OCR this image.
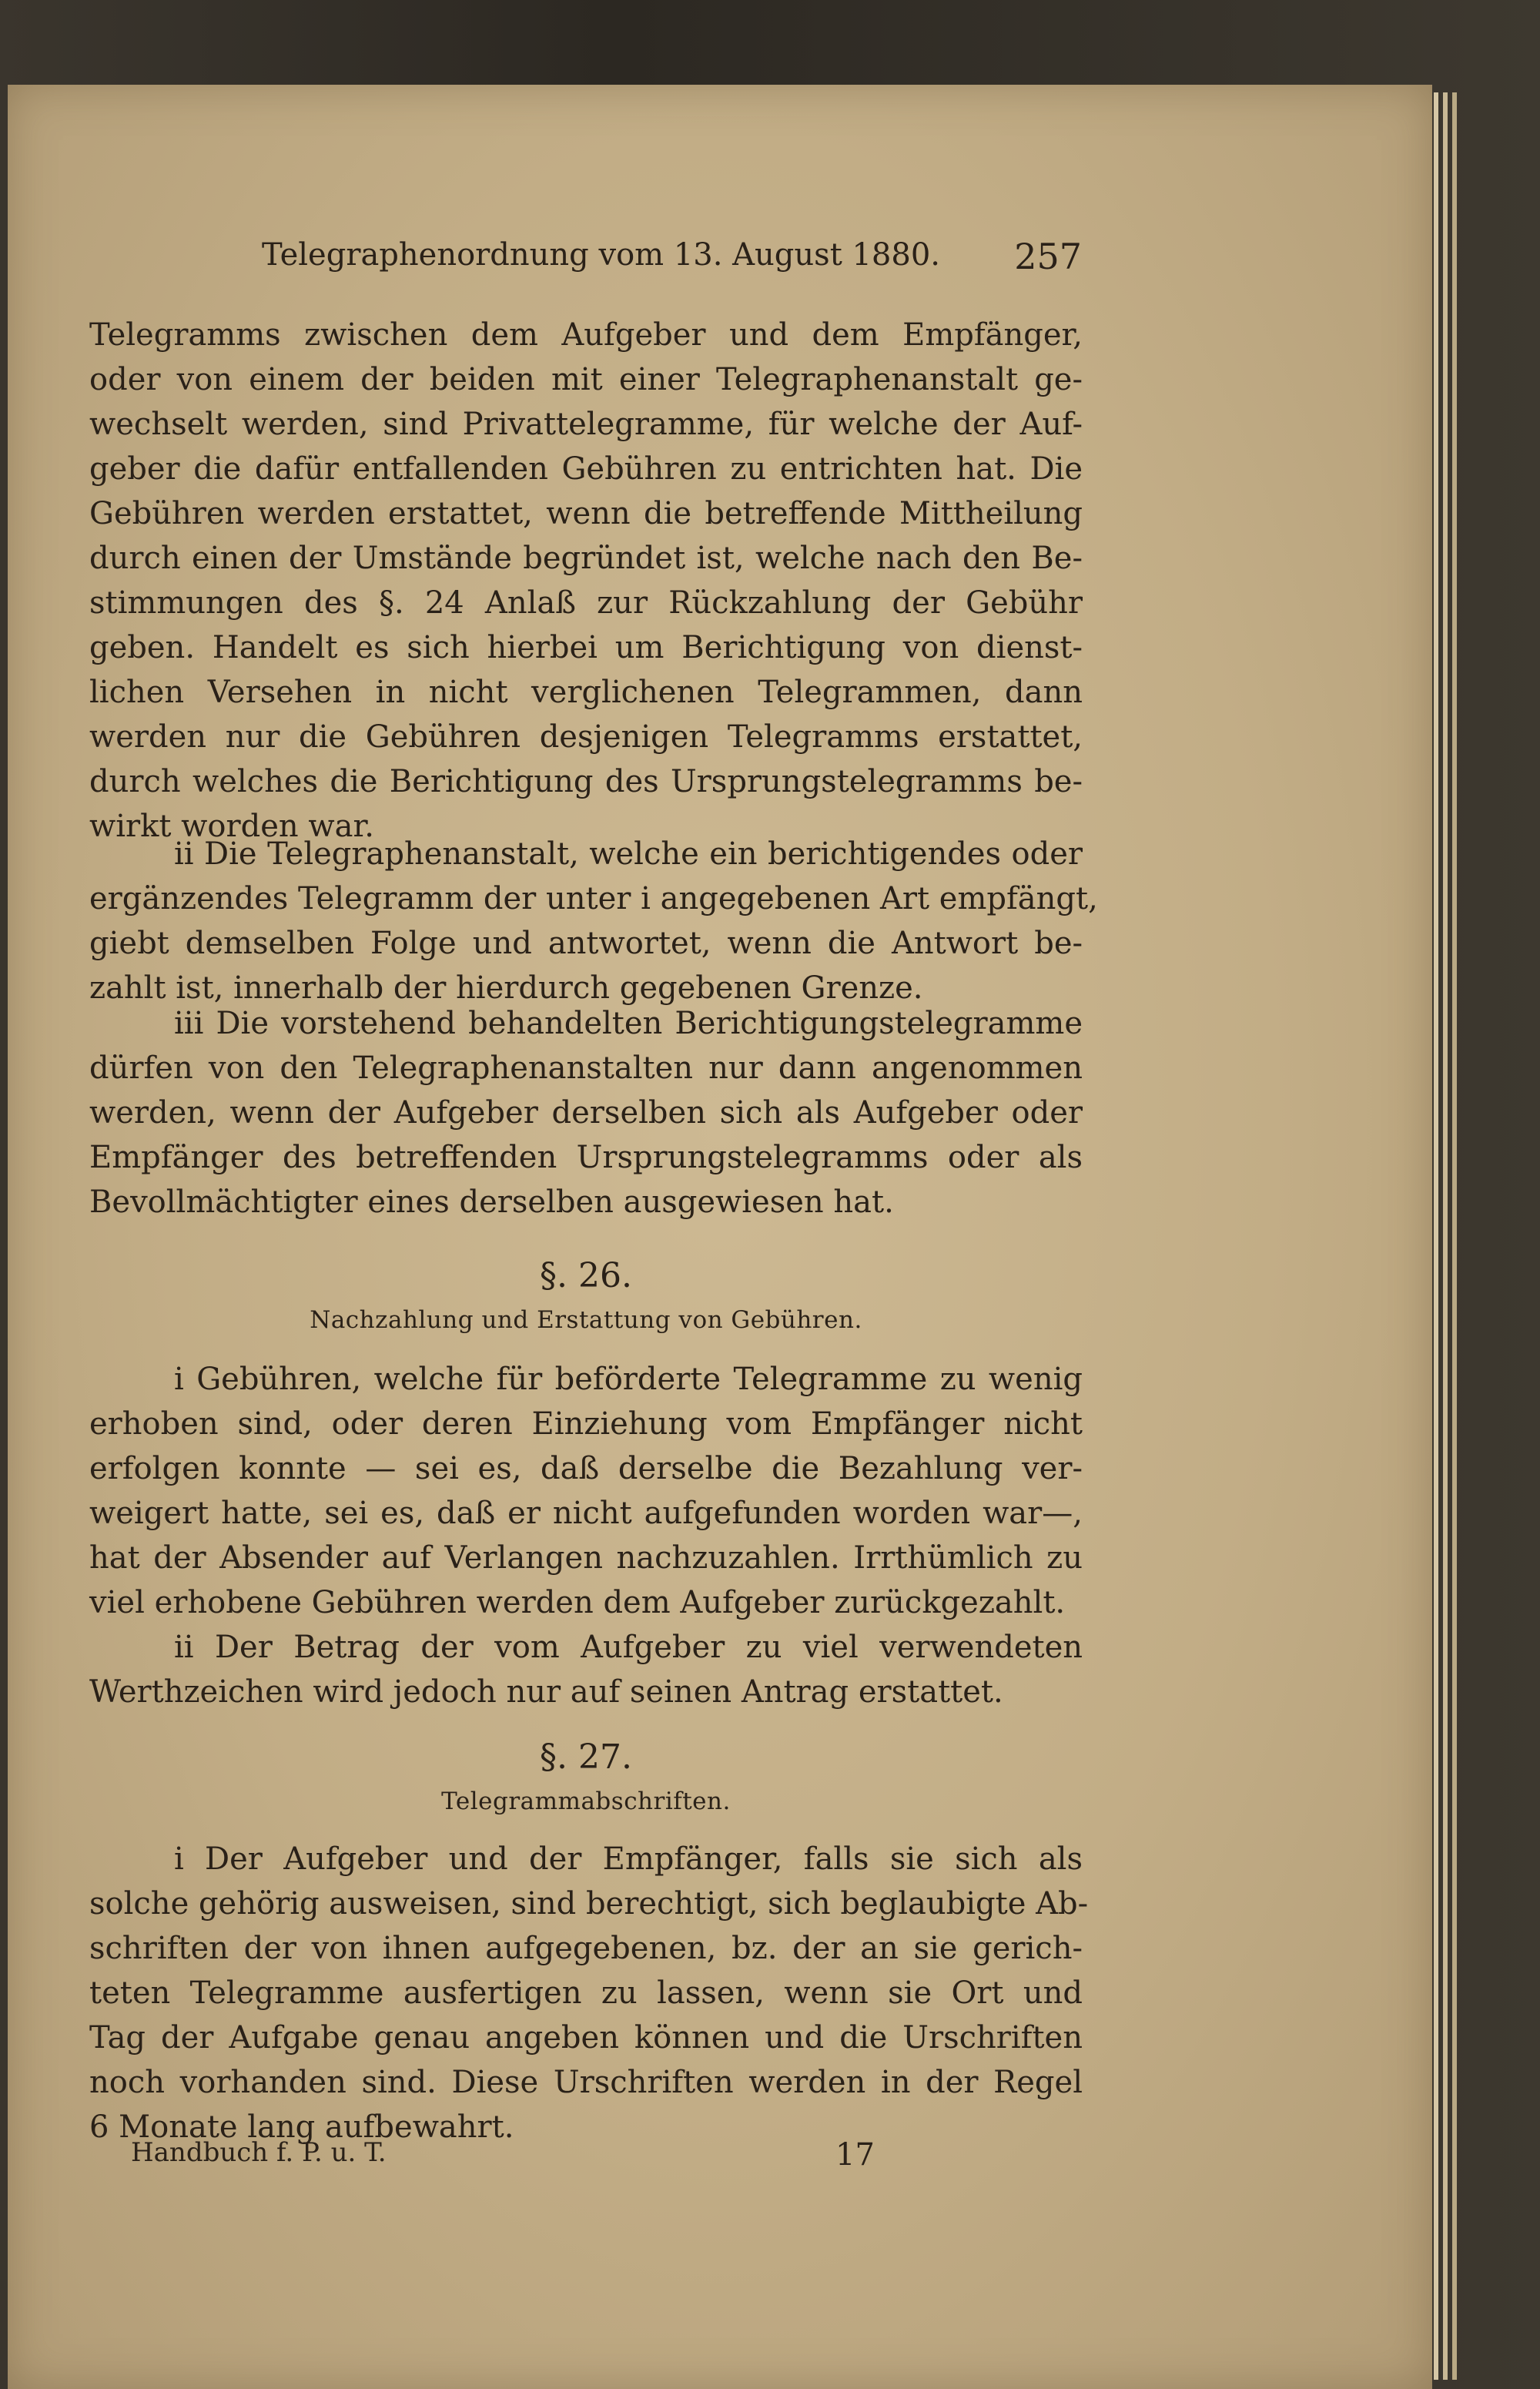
Telegraphenordnung vom 13. August 1880. 257
Telegramms zwischen dem Aufgeber und dem Empfänger,
oder von einem der beiden mit einer Telegraphenanstalt ge-
wechselt werden, sind Privattelegramme, für welche der Auf-
geber die dafür entfallenden Gebühren zu entrichten hat. Die
Gebühren werden erstattet, wenn die betreffende Mittheilung
durch einen der Umstände begründet ist, welche nach den Be-
stimmungen des §. 24 Anlaß zur Rückzahlung der Gebühr
geben. Handelt es sich hierbei um Berichtigung von dienst-
lichen Versehen in nicht verglichenen Telegrammen, dann
werden nur die Gebühren desjenigen Telegramms erstattet,
durch welches die Berichtigung des Ursprungstelegramms be-
wirkt worden war.
ii Die Telegraphenanstalt, welche ein berichtigendes oder
ergänzendes Telegramm der unter i angegebenen Art empfängt,
giebt demselben Folge und antwortet, wenn die Antwort be-
zahlt ist, innerhalb der hierdurch gegebenen Grenze.
iii Die vorstehend behandelten Berichtigungstelegramme
dürfen von den Telegraphenanstalten nur dann angenommen
werden, wenn der Aufgeber derselben sich als Aufgeber oder
Empfänger des betreffenden Ursprungstelegramms oder als
Bevollmächtigter eines derselben ausgewiesen hat.
§. 26.
Nachzahlung und Erstattung von Gebühren.
i Gebühren, welche für beförderte Telegramme zu wenig
erhoben sind, oder deren Einziehung vom Empfänger nicht
erfolgen konnte — sei es, daß derselbe die Bezahlung ver-
weigert hatte, sei es, daß er nicht aufgefunden worden war—,
hat der Absender auf Verlangen nachzuzahlen. Irrthümlich zu
viel erhobene Gebühren werden dem Aufgeber zurückgezahlt.
ii Der Betrag der vom Aufgeber zu viel verwendeten
Werthzeichen wird jedoch nur auf seinen Antrag erstattet.
§. 27.
Telegrammabschriften.
i Der Aufgeber und der Empfänger, falls sie sich als
solche gehörig ausweisen, sind berechtigt, sich beglaubigte Ab-
schriften der von ihnen aufgegebenen, bz. der an sie gerich-
teten Telegramme ausfertigen zu lassen, wenn sie Ort und
Tag der Aufgabe genau angeben können und die Urschriften
noch vorhanden sind. Diese Urschriften werden in der Regel
6 Monate lang aufbewahrt.
Handbuch f. P. u. T.	17
